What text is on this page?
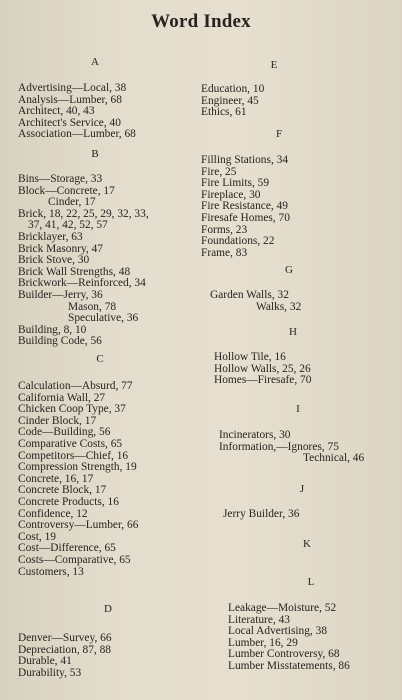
Word Index
A
Advertising—Local, 38
Analysis—Lumber, 68
Architect, 40, 43
Architect's Service, 40
Association—Lumber, 68
B
Bins—Storage, 33
Block—Concrete, 17
Cinder, 17
Brick, 18, 22, 25, 29, 32, 33,
37, 41, 42, 52, 57
Bricklayer, 63
Brick Masonry, 47
Brick Stove, 30
Brick Wall Strengths, 48
Brickwork—Reinforced, 34
Builder—Jerry, 36
Mason, 78
Speculative, 36
Building, 8, 10
Building Code, 56
C
Calculation—Absurd, 77
California Wall, 27
Chicken Coop Type, 37
Cinder Block, 17
Code—Building, 56
Comparative Costs, 65
Competitors—Chief, 16
Compression Strength, 19
Concrete, 16, 17
Concrete Block, 17
Concrete Products, 16
Confidence, 12
Controversy—Lumber, 66
Cost, 19
Cost—Difference, 65
Costs—Comparative, 65
Customers, 13
D
Denver—Survey, 66
Depreciation, 87, 88
Durable, 41
Durability, 53
E
Education, 10
Engineer, 45
Ethics, 61
F
Filling Stations, 34
Fire, 25
Fire Limits, 59
Fireplace, 30
Fire Resistance, 49
Firesafe Homes, 70
Forms, 23
Foundations, 22
Frame, 83
G
Garden Walls, 32
Walks, 32
H
Hollow Tile, 16
Hollow Walls, 25, 26
Homes—Firesafe, 70
I
Incinerators, 30
Information,—Ignores, 75
Technical, 46
J
Jerry Builder, 36
K
L
Leakage—Moisture, 52
Literature, 43
Local Advertising, 38
Lumber, 16, 29
Lumber Controversy, 68
Lumber Misstatements, 86
